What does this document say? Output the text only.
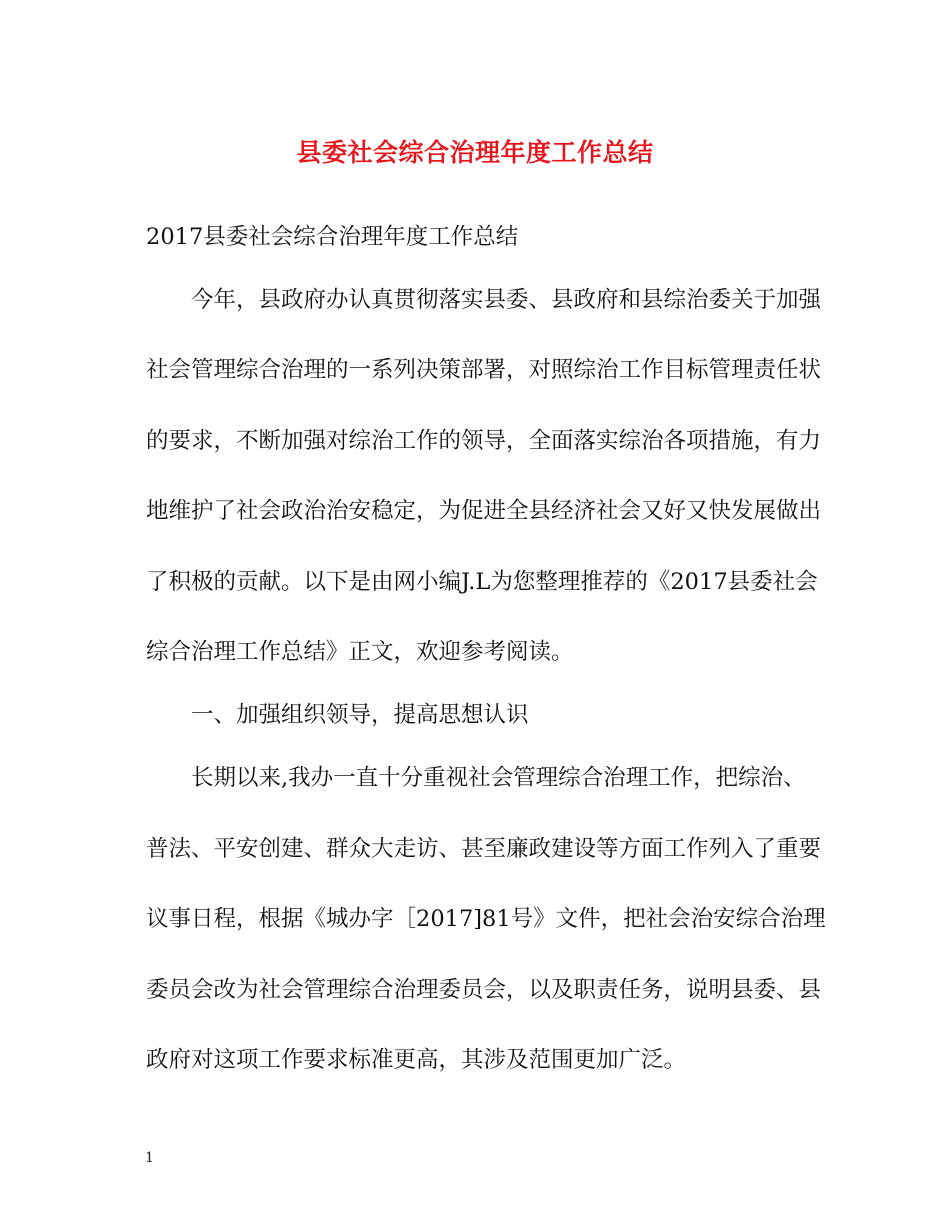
县委社会综合治理年度工作总结
2017县委社会综合治理年度工作总结
今年，县政府办认真贯彻落实县委、县政府和县综治委关于加强
社会管理综合治理的一系列决策部署，对照综治工作目标管理责任状
的要求，不断加强对综治工作的领导，全面落实综治各项措施，有力
地维护了社会政治治安稳定，为促进全县经济社会又好又快发展做出
了积极的贡献。以下是由网小编J.L为您整理推荐的《2017县委社会
综合治理工作总结》正文，欢迎参考阅读。
一、加强组织领导，提高思想认识
长期以来,我办一直十分重视社会管理综合治理工作，把综治、
普法、平安创建、群众大走访、甚至廉政建设等方面工作列入了重要
议事日程，根据《城办字［2017]81号》文件，把社会治安综合治理
委员会改为社会管理综合治理委员会，以及职责任务，说明县委、县
政府对这项工作要求标准更高，其涉及范围更加广泛。
1
